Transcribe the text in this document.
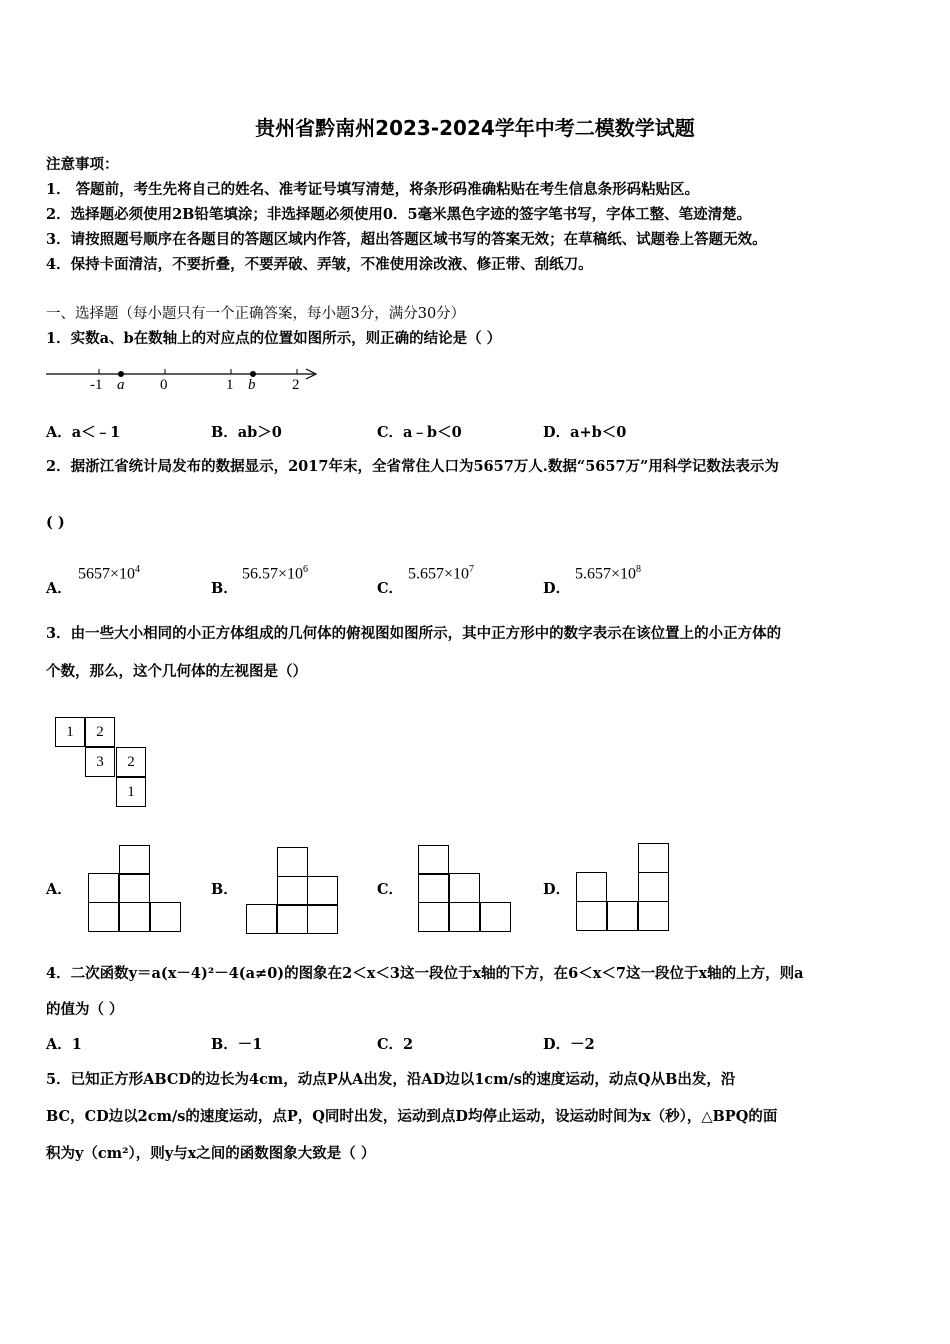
贵州省黔南州2023-2024学年中考二模数学试题
注意事项：
1． 答题前，考生先将自己的姓名、准考证号填写清楚，将条形码准确粘贴在考生信息条形码粘贴区。
2．选择题必须使用2B铅笔填涂；非选择题必须使用0．5毫米黑色字迹的签字笔书写，字体工整、笔迹清楚。
3．请按照题号顺序在各题目的答题区域内作答，超出答题区域书写的答案无效；在草稿纸、试题卷上答题无效。
4．保持卡面清洁，不要折叠，不要弄破、弄皱，不准使用涂改液、修正带、刮纸刀。
一、选择题（每小题只有一个正确答案，每小题3分，满分30分）
1．实数a、b在数轴上的对应点的位置如图所示，则正确的结论是（ ）
-1 a 0	1 b 2
A．a＜﹣1	B．ab＞0	C．a﹣b＜0	D．a+b＜0
2．据浙江省统计局发布的数据显示，2017年末，全省常住人口为5657万人.数据“5657万”用科学记数法表示为
( )
A．
$5657\times 10^4$
B．
$56.57\times 10^6$
C．
$5.657\times 10^7$
D．
$5.657\times 10^8$
3．由一些大小相同的小正方体组成的几何体的俯视图如图所示，其中正方形中的数字表示在该位置上的小正方体的
个数，那么，这个几何体的左视图是（）
1	2
3	2
1
A．	B．	C．	D．
4．二次函数y＝a(x－4)²－4(a≠0)的图象在2＜x＜3这一段位于x轴的下方，在6＜x＜7这一段位于x轴的上方，则a
的值为（ ）
A．1	B．－1	C．2	D．－2
5．已知正方形ABCD的边长为4cm，动点P从A出发，沿AD边以1cm/s的速度运动，动点Q从B出发，沿
BC，CD边以2cm/s的速度运动，点P，Q同时出发，运动到点D均停止运动，设运动时间为x（秒），△BPQ的面
积为y（cm²），则y与x之间的函数图象大致是（ ）
